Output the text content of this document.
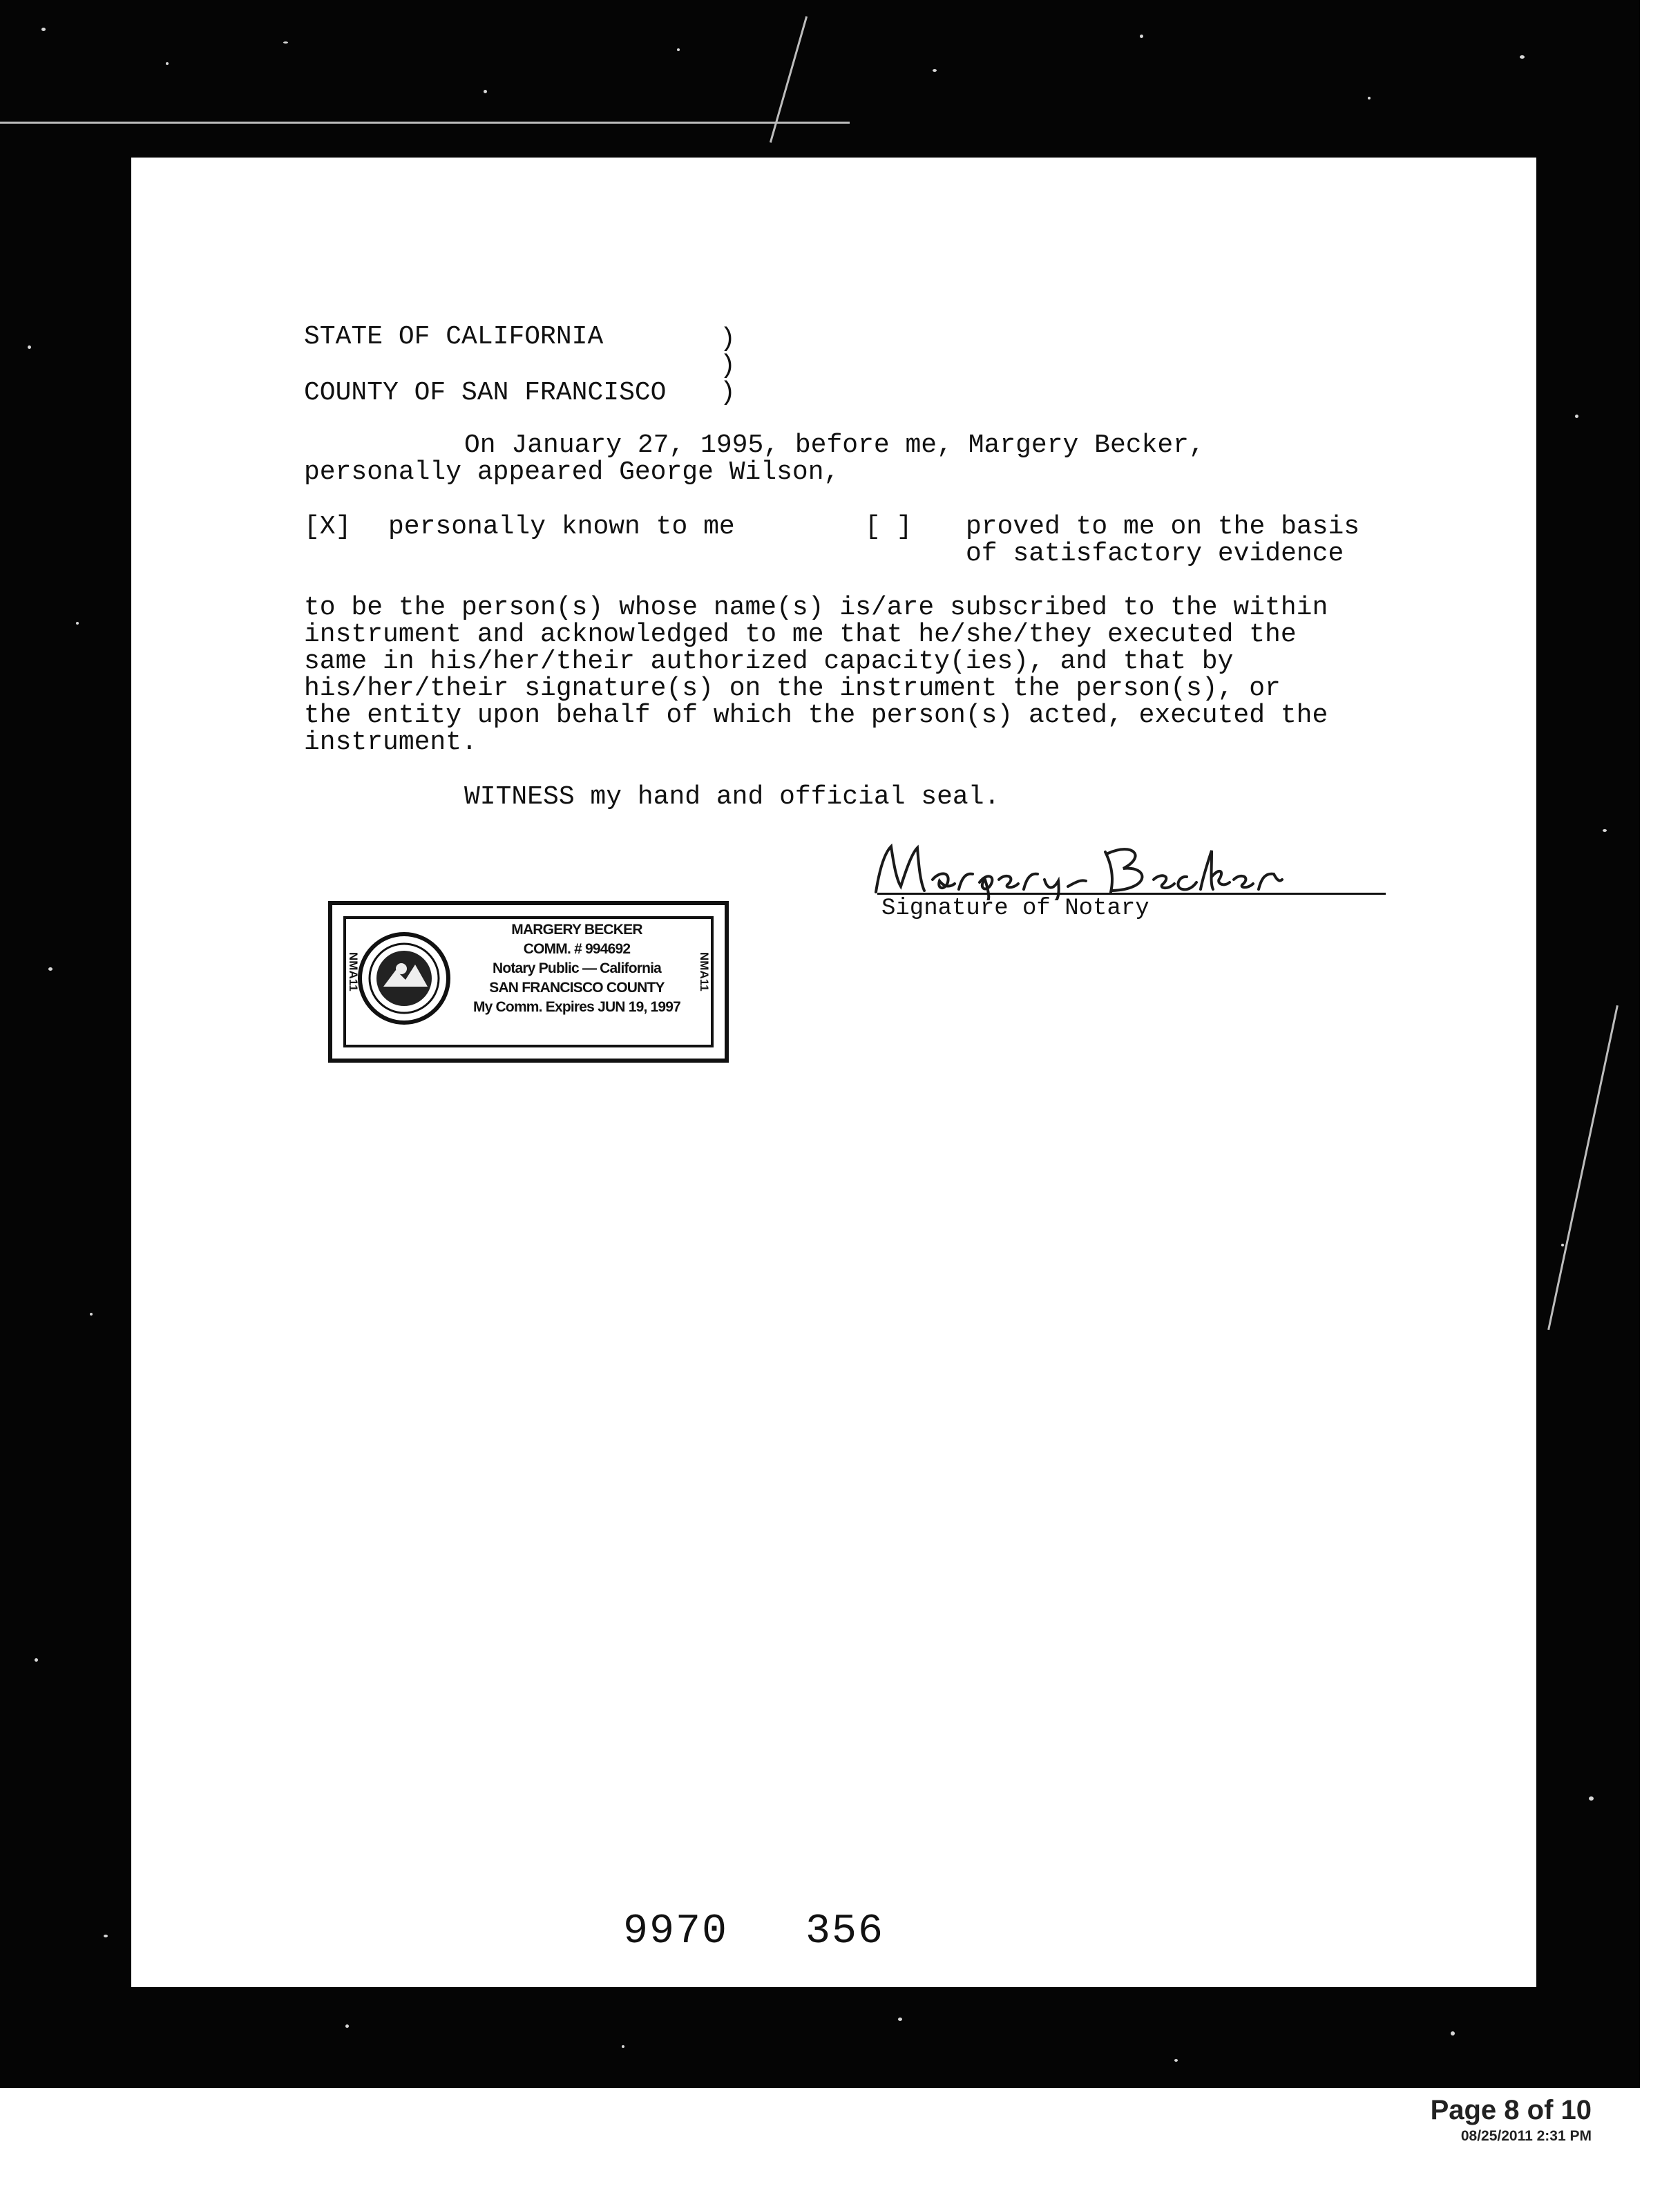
STATE OF CALIFORNIA	)

)

COUNTY OF SAN FRANCISCO )

On January 27, 1995, before me, Margery Becker,

personally appeared George Wilson,

[X] personally known to me	[ ] proved to me on the basis

of satisfactory evidence

to be the person(s) whose name(s) is/are subscribed to the within

instrument and acknowledged to me that he/she/they executed the

same in his/her/their authorized capacity(ies), and that by

his/her/their signature(s) on the instrument the person(s), or

the entity upon behalf of which the person(s) acted, executed the

instrument.

WITNESS my hand and official seal.

Signature of Notary

NMA11	NMA11
MARGERY BECKER
COMM. # 994692
Notary Public — California
SAN FRANCISCO COUNTY
My Comm. Expires JUN 19, 1997

9970 356

Page 8 of 10
08/25/2011 2:31 PM
